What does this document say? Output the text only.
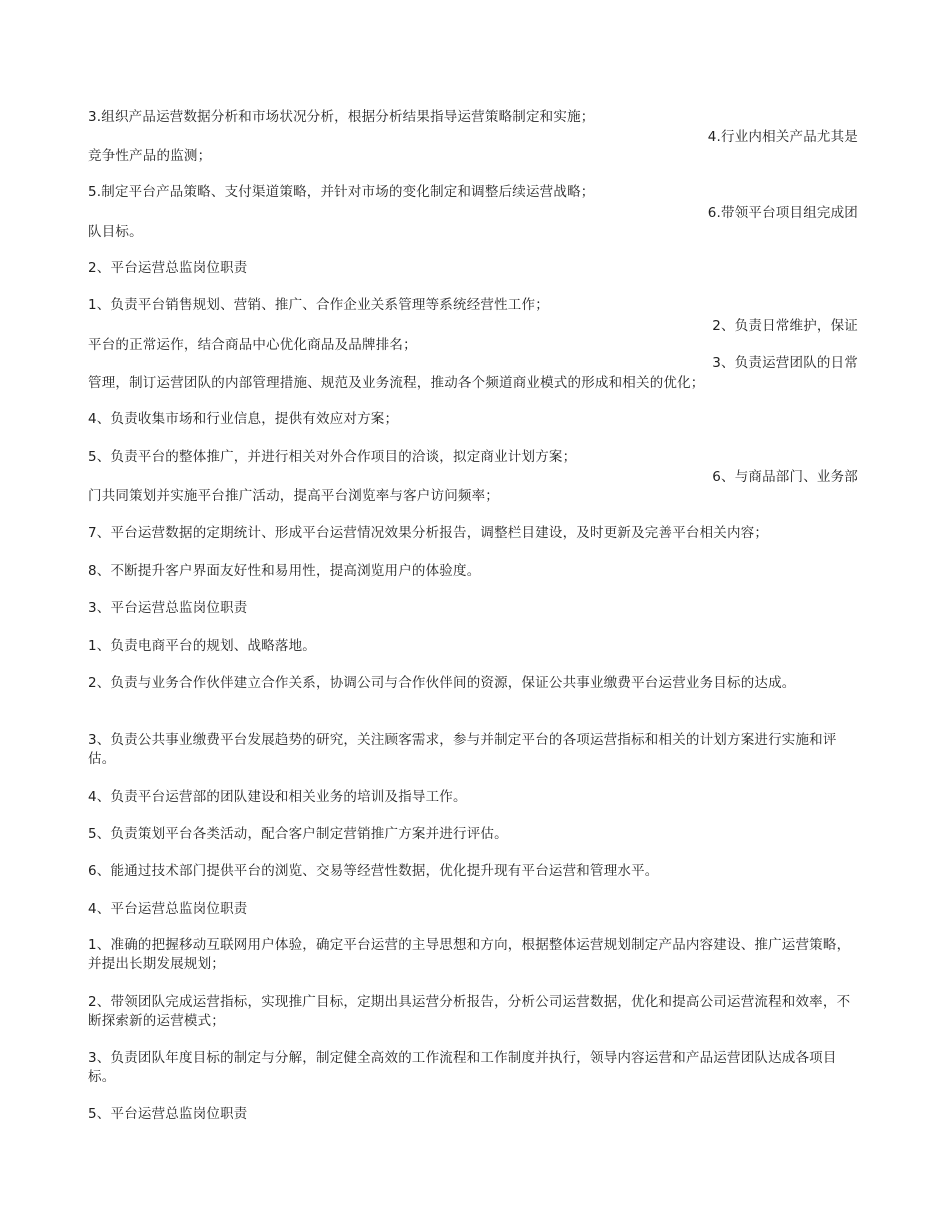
3.组织产品运营数据分析和市场状况分析，根据分析结果指导运营策略制定和实施；
4.行业内相关产品尤其是
竞争性产品的监测；
5.制定平台产品策略、支付渠道策略，并针对市场的变化制定和调整后续运营战略；
6.带领平台项目组完成团
队目标。
2、平台运营总监岗位职责
1、负责平台销售规划、营销、推广、合作企业关系管理等系统经营性工作；
2、负责日常维护，保证
平台的正常运作，结合商品中心优化商品及品牌排名；
3、负责运营团队的日常
管理，制订运营团队的内部管理措施、规范及业务流程，推动各个频道商业模式的形成和相关的优化；
4、负责收集市场和行业信息，提供有效应对方案；
5、负责平台的整体推广，并进行相关对外合作项目的洽谈，拟定商业计划方案；
6、与商品部门、业务部
门共同策划并实施平台推广活动，提高平台浏览率与客户访问频率；
7、平台运营数据的定期统计、形成平台运营情况效果分析报告，调整栏目建设，及时更新及完善平台相关内容；
8、不断提升客户界面友好性和易用性，提高浏览用户的体验度。
3、平台运营总监岗位职责
1、负责电商平台的规划、战略落地。
2、负责与业务合作伙伴建立合作关系，协调公司与合作伙伴间的资源，保证公共事业缴费平台运营业务目标的达成。
3、负责公共事业缴费平台发展趋势的研究，关注顾客需求，参与并制定平台的各项运营指标和相关的计划方案进行实施和评估。
4、负责平台运营部的团队建设和相关业务的培训及指导工作。
5、负责策划平台各类活动，配合客户制定营销推广方案并进行评估。
6、能通过技术部门提供平台的浏览、交易等经营性数据，优化提升现有平台运营和管理水平。
4、平台运营总监岗位职责
1、准确的把握移动互联网用户体验，确定平台运营的主导思想和方向，根据整体运营规划制定产品内容建设、推广运营策略，并提出长期发展规划；
2、带领团队完成运营指标，实现推广目标，定期出具运营分析报告，分析公司运营数据，优化和提高公司运营流程和效率，不断探索新的运营模式；
3、负责团队年度目标的制定与分解，制定健全高效的工作流程和工作制度并执行，领导内容运营和产品运营团队达成各项目标。
5、平台运营总监岗位职责
